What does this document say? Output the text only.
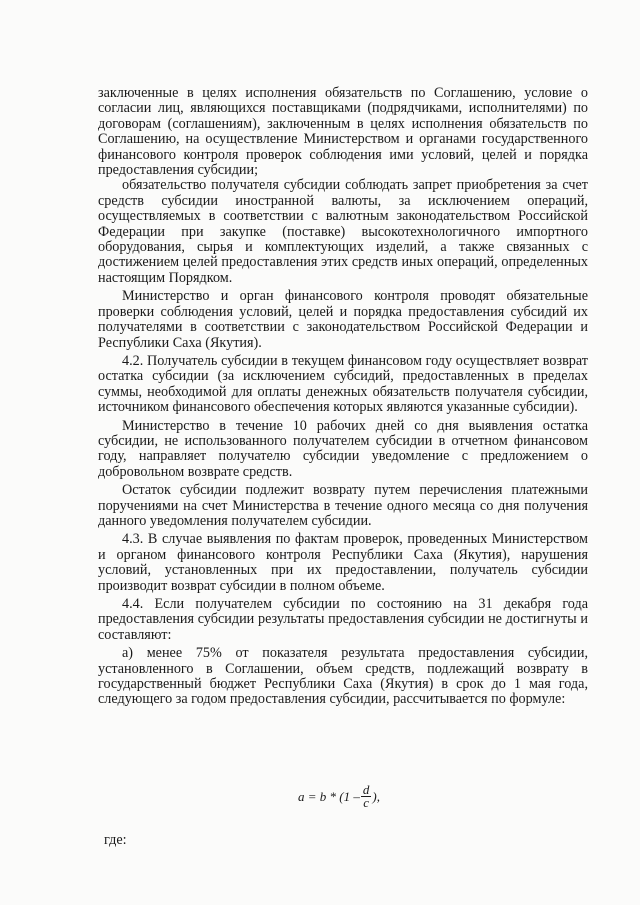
заключенные в целях исполнения обязательств по Соглашению, условие о согласии лиц, являющихся поставщиками (подрядчиками, исполнителями) по договорам (соглашениям), заключенным в целях исполнения обязательств по Соглашению, на осуществление Министерством и органами государственного финансового контроля проверок соблюдения ими условий, целей и порядка предоставления субсидии;

обязательство получателя субсидии соблюдать запрет приобретения за счет средств субсидии иностранной валюты, за исключением операций, осуществляемых в соответствии с валютным законодательством Российской Федерации при закупке (поставке) высокотехнологичного импортного оборудования, сырья и комплектующих изделий, а также связанных с достижением целей предоставления этих средств иных операций, определенных настоящим Порядком.

Министерство и орган финансового контроля проводят обязательные проверки соблюдения условий, целей и порядка предоставления субсидий их получателями в соответствии с законодательством Российской Федерации и Республики Саха (Якутия).

4.2. Получатель субсидии в текущем финансовом году осуществляет возврат остатка субсидии (за исключением субсидий, предоставленных в пределах суммы, необходимой для оплаты денежных обязательств получателя субсидии, источником финансового обеспечения которых являются указанные субсидии).

Министерство в течение 10 рабочих дней со дня выявления остатка субсидии, не использованного получателем субсидии в отчетном финансовом году, направляет получателю субсидии уведомление с предложением о добровольном возврате средств.

Остаток субсидии подлежит возврату путем перечисления платежными поручениями на счет Министерства в течение одного месяца со дня получения данного уведомления получателем субсидии.

4.3. В случае выявления по фактам проверок, проведенных Министерством и органом финансового контроля Республики Саха (Якутия), нарушения условий, установленных при их предоставлении, получатель субсидии производит возврат субсидии в полном объеме.

4.4. Если получателем субсидии по состоянию на 31 декабря года предоставления субсидии результаты предоставления субсидии не достигнуты и составляют:

а) менее 75% от показателя результата предоставления субсидии, установленного в Соглашении, объем средств, подлежащий возврату в государственный бюджет Республики Саха (Якутия) в срок до 1 мая года, следующего за годом предоставления субсидии, рассчитывается по формуле:

$a = b * (1 - \frac{d}{c}$ ),
где:
